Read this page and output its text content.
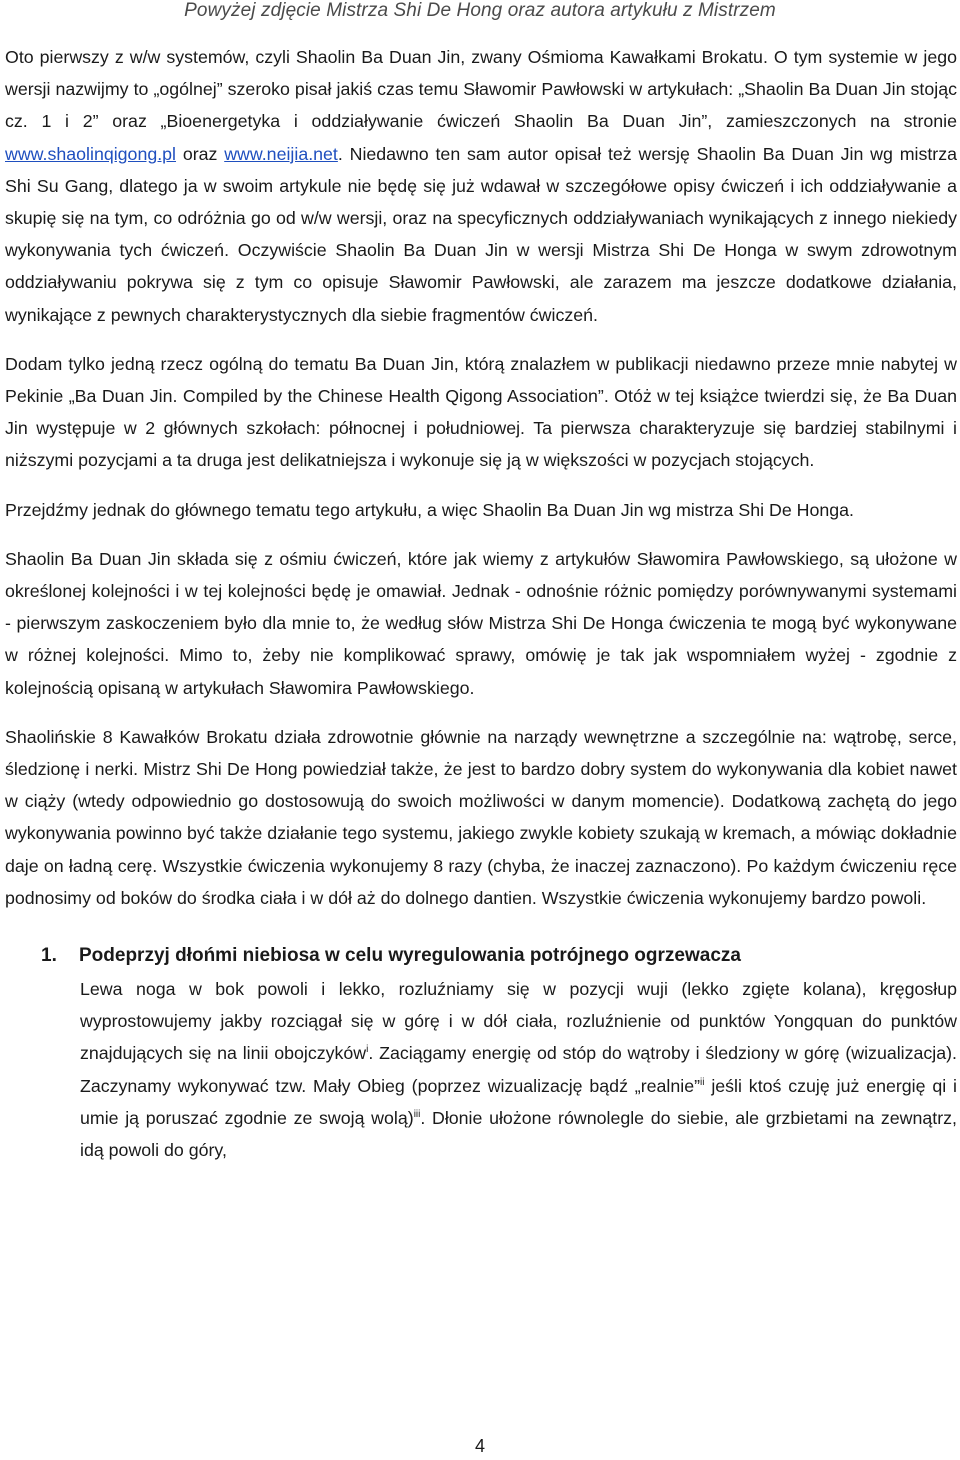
Powyżej zdjęcie Mistrza Shi De Hong oraz autora artykułu z Mistrzem

Oto pierwszy z w/w systemów, czyli Shaolin Ba Duan Jin, zwany Ośmioma Kawałkami Brokatu. O tym systemie w jego wersji nazwijmy to „ogólnej” szeroko pisał jakiś czas temu Sławomir Pawłowski w artykułach: „Shaolin Ba Duan Jin stojąc cz. 1 i 2” oraz „Bioenergetyka i oddziaływanie ćwiczeń Shaolin Ba Duan Jin”, zamieszczonych na stronie www.shaolinqigong.pl oraz www.neijia.net. Niedawno ten sam autor opisał też wersję Shaolin Ba Duan Jin wg mistrza Shi Su Gang, dlatego ja w swoim artykule nie będę się już wdawał w szczegółowe opisy ćwiczeń i ich oddziaływanie a skupię się na tym, co odróżnia go od w/w wersji, oraz na specyficznych oddziaływaniach wynikających z innego niekiedy wykonywania tych ćwiczeń. Oczywiście Shaolin Ba Duan Jin w wersji Mistrza Shi De Honga w swym zdrowotnym oddziaływaniu pokrywa się z tym co opisuje Sławomir Pawłowski, ale zarazem ma jeszcze dodatkowe działania, wynikające z pewnych charakterystycznych dla siebie fragmentów ćwiczeń.

Dodam tylko jedną rzecz ogólną do tematu Ba Duan Jin, którą znalazłem w publikacji niedawno przeze mnie nabytej w Pekinie „Ba Duan Jin. Compiled by the Chinese Health Qigong Association”. Otóż w tej książce twierdzi się, że Ba Duan Jin występuje w 2 głównych szkołach: północnej i południowej. Ta pierwsza charakteryzuje się bardziej stabilnymi i niższymi pozycjami a ta druga jest delikatniejsza i wykonuje się ją w większości w pozycjach stojących.

Przejdźmy jednak do głównego tematu tego artykułu, a więc Shaolin Ba Duan Jin wg mistrza Shi De Honga.

Shaolin Ba Duan Jin składa się z ośmiu ćwiczeń, które jak wiemy z artykułów Sławomira Pawłowskiego, są ułożone w określonej kolejności i w tej kolejności będę je omawiał. Jednak - odnośnie różnic pomiędzy porównywanymi systemami - pierwszym zaskoczeniem było dla mnie to, że według słów Mistrza Shi De Honga ćwiczenia te mogą być wykonywane w różnej kolejności. Mimo to, żeby nie komplikować sprawy, omówię je tak jak wspomniałem wyżej - zgodnie z kolejnością opisaną w artykułach Sławomira Pawłowskiego.

Shaolińskie 8 Kawałków Brokatu działa zdrowotnie głównie na narządy wewnętrzne a szczególnie na: wątrobę, serce, śledzionę i nerki. Mistrz Shi De Hong powiedział także, że jest to bardzo dobry system do wykonywania dla kobiet nawet w ciąży (wtedy odpowiednio go dostosowują do swoich możliwości w danym momencie). Dodatkową zachętą do jego wykonywania powinno być także działanie tego systemu, jakiego zwykle kobiety szukają w kremach, a mówiąc dokładnie daje on ładną cerę. Wszystkie ćwiczenia wykonujemy 8 razy (chyba, że inaczej zaznaczono). Po każdym ćwiczeniu ręce podnosimy od boków do środka ciała i w dół aż do dolnego dantien. Wszystkie ćwiczenia wykonujemy bardzo powoli.

1. Podeprzyj dłońmi niebiosa w celu wyregulowania potrójnego ogrzewacza
Lewa noga w bok powoli i lekko, rozluźniamy się w pozycji wuji (lekko zgięte kolana), kręgosłup wyprostowujemy jakby rozciągał się w górę i w dół ciała, rozluźnienie od punktów Yongquan do punktów znajdujących się na linii obojczyków$^i$. Zaciągamy energię od stóp do wątroby i śledziony w górę (wizualizacja). Zaczynamy wykonywać tzw. Mały Obieg (poprzez wizualizację bądź „realnie”$^{ii}$ jeśli ktoś czuję już energię qi i umie ją poruszać zgodnie ze swoją wolą)$^{iii}$. Dłonie ułożone równolegle do siebie, ale grzbietami na zewnątrz, idą powoli do góry,
4
